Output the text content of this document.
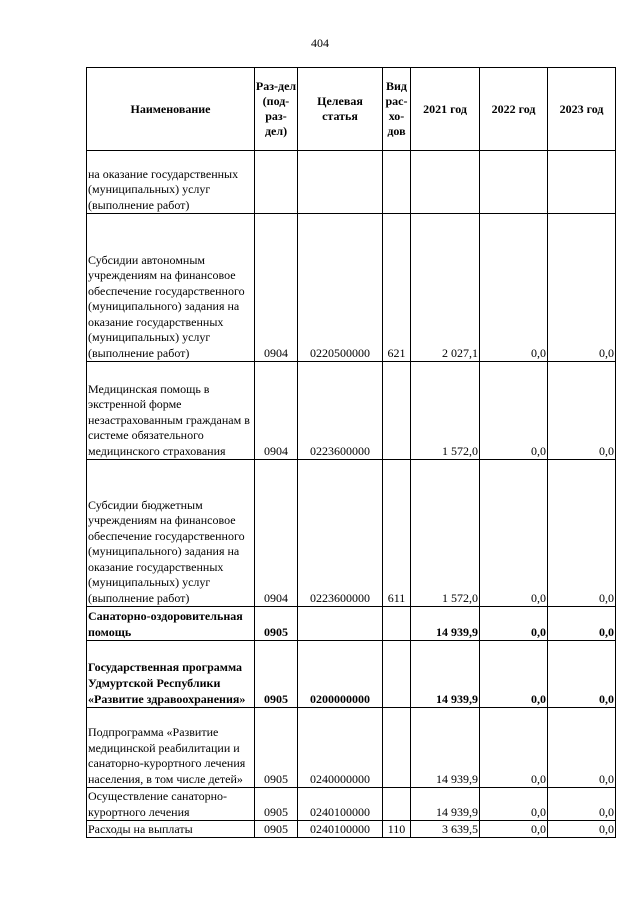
404
Наименование	Раз-дел (под-раз-дел)	Целевая статья	Вид рас-хо-дов	2021 год	2022 год	2023 год
на оказание государственных (муниципальных) услуг (выполнение работ)						
Субсидии автономным учреждениям на финансовое обеспечение государственного (муниципального) задания на оказание государственных (муниципальных) услуг (выполнение работ)	0904	0220500000	621	2 027,1	0,0	0,0
Медицинская помощь в экстренной форме незастрахованным гражданам в системе обязательного медицинского страхования	0904	0223600000		1 572,0	0,0	0,0
Субсидии бюджетным учреждениям на финансовое обеспечение государственного (муниципального) задания на оказание государственных (муниципальных) услуг (выполнение работ)	0904	0223600000	611	1 572,0	0,0	0,0
Санаторно-оздоровительная помощь	0905			14 939,9	0,0	0,0
Государственная программа Удмуртской Республики «Развитие здравоохранения»	0905	0200000000		14 939,9	0,0	0,0
Подпрограмма «Развитие медицинской реабилитации и санаторно-курортного лечения населения, в том числе детей»	0905	0240000000		14 939,9	0,0	0,0
Осуществление санаторно-курортного лечения	0905	0240100000		14 939,9	0,0	0,0
Расходы на выплаты	0905	0240100000	110	3 639,5	0,0	0,0
